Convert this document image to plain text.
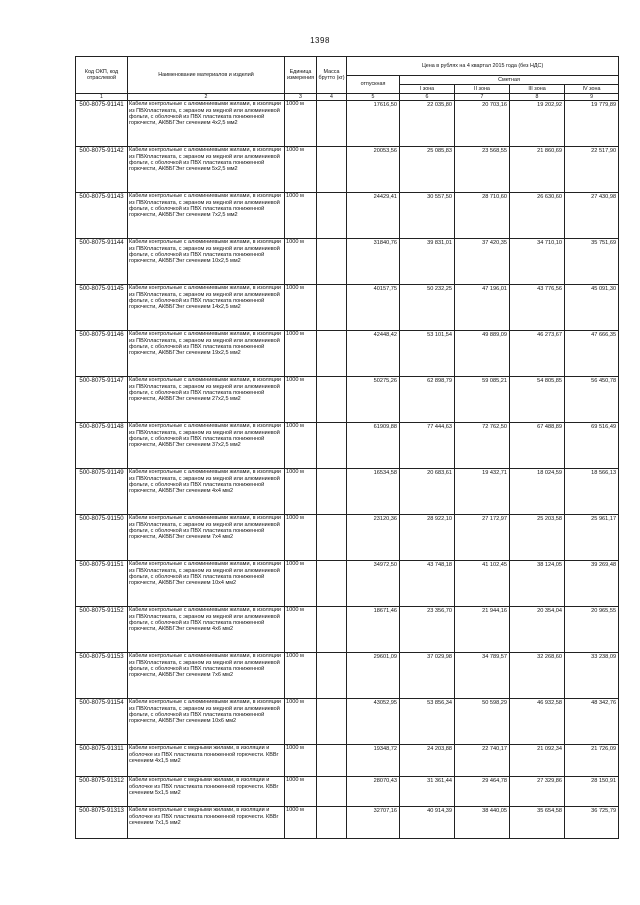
1398
Код ОКП, код отраслевой	Наименование материалов и изделий	Единица измерения	Масса брутто (кг)	Цена в рублях на 4 квартал 2015 года (без НДС)				
				отпускная	Сметная			
					I зона	II зона	III зона	IV зона
1	2	3	4	5	6	7	8	9
500-8075-91141	Кабели контрольные с алюминиевыми жилами, в изоляции из ПВХпластиката, с экраном из медной или алюминиевой фольги, с оболочкой из ПВХ пластиката пониженной горючести, АКВБГЭнг сечением 4х2,5 мм2	1000 м		17616,50	22 035,80	20 703,16	19 202,92	19 779,89
500-8075-91142	Кабели контрольные с алюминиевыми жилами, в изоляции из ПВХпластиката, с экраном из медной или алюминиевой фольги, с оболочкой из ПВХ пластиката пониженной горючести, АКВБГЭнг сечением 5х2,5 мм2	1000 м		20053,56	25 085,83	23 568,55	21 860,69	22 517,90
500-8075-91143	Кабели контрольные с алюминиевыми жилами, в изоляции из ПВХпластиката, с экраном из медной или алюминиевой фольги, с оболочкой из ПВХ пластиката пониженной горючести, АКВБГЭнг сечением 7х2,5 мм2	1000 м		24429,41	30 557,50	28 710,60	26 630,60	27 430,98
500-8075-91144	Кабели контрольные с алюминиевыми жилами, в изоляции из ПВХпластиката, с экраном из медной или алюминиевой фольги, с оболочкой из ПВХ пластиката пониженной горючести, АКВБГЭнг сечением 10х2,5 мм2	1000 м		31840,76	39 831,01	37 420,35	34 710,10	35 751,69
500-8075-91145	Кабели контрольные с алюминиевыми жилами, в изоляции из ПВХпластиката, с экраном из медной или алюминиевой фольги, с оболочкой из ПВХ пластиката пониженной горючести, АКВБГЭнг сечением 14х2,5 мм2	1000 м		40157,75	50 232,25	47 196,01	43 776,56	45 091,30
500-8075-91146	Кабели контрольные с алюминиевыми жилами, в изоляции из ПВХпластиката, с экраном из медной или алюминиевой фольги, с оболочкой из ПВХ пластиката пониженной горючести, АКВБГЭнг сечением 19х2,5 мм2	1000 м		42448,42	53 101,54	49 889,09	46 273,67	47 666,35
500-8075-91147	Кабели контрольные с алюминиевыми жилами, в изоляции из ПВХпластиката, с экраном из медной или алюминиевой фольги, с оболочкой из ПВХ пластиката пониженной горючести, АКВБГЭнг сечением 27х2,5 мм2	1000 м		50275,26	62 898,79	59 085,21	54 805,85	56 450,78
500-8075-91148	Кабели контрольные с алюминиевыми жилами, в изоляции из ПВХпластиката, с экраном из медной или алюминиевой фольги, с оболочкой из ПВХ пластиката пониженной горючести, АКВБГЭнг сечением 37х2,5 мм2	1000 м		61909,88	77 444,63	72 762,50	67 488,89	69 516,49
500-8075-91149	Кабели контрольные с алюминиевыми жилами, в изоляции из ПВХпластиката, с экраном из медной или алюминиевой фольги, с оболочкой из ПВХ пластиката пониженной горючести, АКВБГЭнг сечением 4х4 мм2	1000 м		16534,58	20 683,61	19 432,71	18 024,59	18 566,13
500-8075-91150	Кабели контрольные с алюминиевыми жилами, в изоляции из ПВХпластиката, с экраном из медной или алюминиевой фольги, с оболочкой из ПВХ пластиката пониженной горючести, АКВБГЭнг сечением 7х4 мм2	1000 м		23120,36	28 922,10	27 172,97	25 203,58	25 961,17
500-8075-91151	Кабели контрольные с алюминиевыми жилами, в изоляции из ПВХпластиката, с экраном из медной или алюминиевой фольги, с оболочкой из ПВХ пластиката пониженной горючести, АКВБГЭнг сечением 10х4 мм2	1000 м		34972,50	43 748,18	41 102,45	38 124,05	39 269,48
500-8075-91152	Кабели контрольные с алюминиевыми жилами, в изоляции из ПВХпластиката, с экраном из медной или алюминиевой фольги, с оболочкой из ПВХ пластиката пониженной горючести, АКВБГЭнг сечением 4х6 мм2	1000 м		18671,46	23 356,70	21 944,16	20 354,04	20 965,55
500-8075-91153	Кабели контрольные с алюминиевыми жилами, в изоляции из ПВХпластиката, с экраном из медной или алюминиевой фольги, с оболочкой из ПВХ пластиката пониженной горючести, АКВБГЭнг сечением 7х6 мм2	1000 м		29601,09	37 029,98	34 789,57	32 268,60	33 238,09
500-8075-91154	Кабели контрольные с алюминиевыми жилами, в изоляции из ПВХпластиката, с экраном из медной или алюминиевой фольги, с оболочкой из ПВХ пластиката пониженной горючести, АКВБГЭнг сечением 10х6 мм2	1000 м		43052,95	53 856,34	50 598,29	46 932,58	48 342,76
500-8075-91311	Кабели контрольные с медными жилами, в изоляции и оболочке из ПВХ пластиката пониженной горючести. КВВг сечением 4х1,5 мм2	1000 м		19348,72	24 203,88	22 740,17	21 092,34	21 726,09
500-8075-91312	Кабели контрольные с медными жилами, в изоляции и оболочке из ПВХ пластиката пониженной горючести. КВВг сечением 5х1,5 мм2	1000 м		28070,43	31 361,44	29 464,78	27 329,86	28 150,91
500-8075-91313	Кабели контрольные с медными жилами, в изоляции и оболочке из ПВХ пластиката пониженной горючести. КВВг сечением 7х1,5 мм2	1000 м		32707,16	40 914,39	38 440,05	35 654,58	36 725,79
